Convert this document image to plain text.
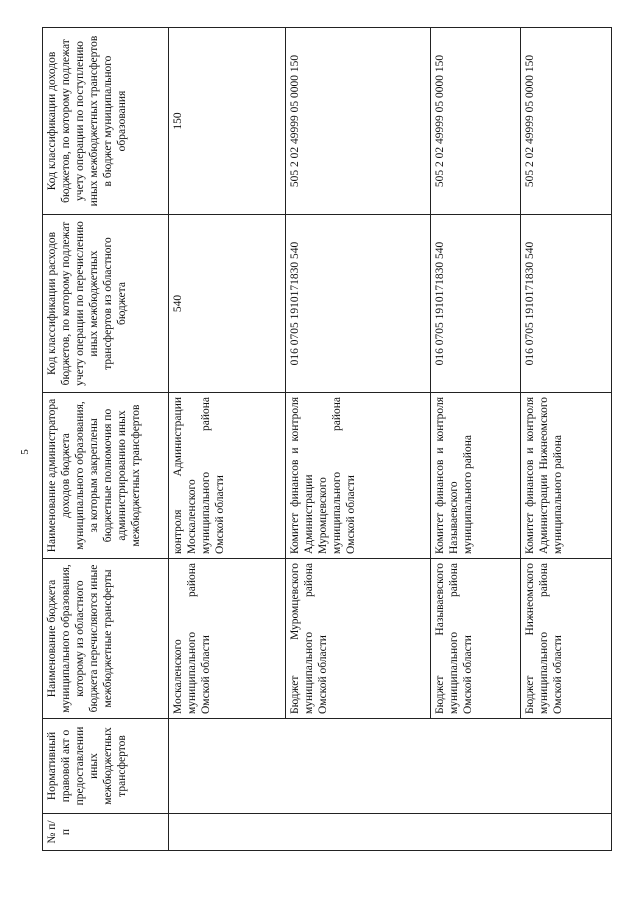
5
№ п/п	Нормативный правовой акт о предоставлении иных межбюджетных трансфертов	Наименование бюджета муниципального образования, которому из областного бюджета перечисляются иные межбюджетные трансферты	Наименование администратора доходов бюджета муниципального образования, за которым закреплены бюджетные полномочия по администрированию иных межбюджетных трансфертов	Код классификации расходов бюджетов, по которому подлежат учету операции по перечислению иных межбюджетных трансфертов из областного бюджета	Код классификации доходов бюджетов, по которому подлежат учету операции по поступлению иных межбюджетных трансфертов в бюджет муниципального образования
		Москаленского муниципального района Омской области	контроля Администрации Москаленского муниципального района Омской области	540	150
		Бюджет Муромцевского муниципального района Омской области	Комитет финансов и контроля Администрации Муромцевского муниципального района Омской области	016 0705 1910171830 540	505 2 02 49999 05 0000 150
		Бюджет Называевского муниципального района Омской области	Комитет финансов и контроля Называевского муниципального района	016 0705 1910171830 540	505 2 02 49999 05 0000 150
		Бюджет Нижнеомского муниципального района Омской области	Комитет финансов и контроля Администрации Нижнеомского муниципального района	016 0705 1910171830 540	505 2 02 49999 05 0000 150
